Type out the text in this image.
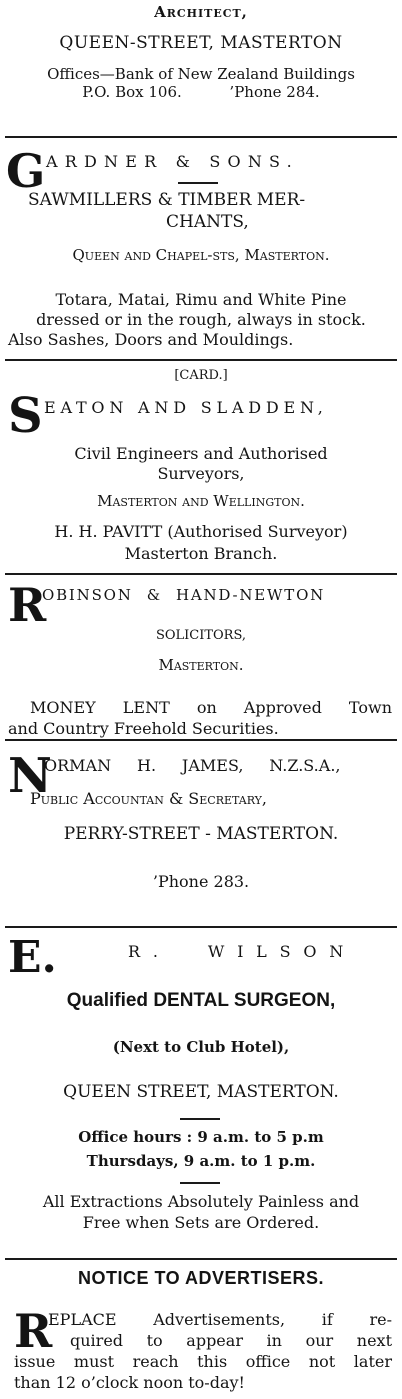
Architect,
QUEEN-STREET, MASTERTON
Offices—Bank of New Zealand Buildings
P.O. Box 106.          ’Phone 284.
G ARDNER & SONS.
SAWMILLERS & TIMBER MER-
CHANTS,
Queen and Chapel-sts, Masterton.
Totara, Matai, Rimu and White Pine
dressed or in the rough, always in stock.
Also Sashes, Doors and Mouldings.
[CARD.]
S EATON AND SLADDEN,
Civil Engineers and Authorised
Surveyors,
Masterton and Wellington.
H. H. PAVITT (Authorised Surveyor)
Masterton Branch.
R
OBINSON & HAND-NEWTON
SOLICITORS,
Masterton.
MONEY LENT on Approved Town
and Country Freehold Securities.
N
ORMAN H. JAMES, N.Z.S.A.,
Public Accountan & Secretary,
PERRY-STREET - MASTERTON.
’Phone 283.
E.	R. WILSON
Qualified DENTAL SURGEON,
(Next to Club Hotel),
QUEEN STREET, MASTERTON.
Office hours : 9 a.m. to 5 p.m
Thursdays, 9 a.m. to 1 p.m.
All Extractions Absolutely Painless and
Free when Sets are Ordered.
NOTICE TO ADVERTISERS.
R
EPLACE Advertisements, if re-
quired to appear in our next
issue must reach this office not later
than 12 o’clock noon to-day!
